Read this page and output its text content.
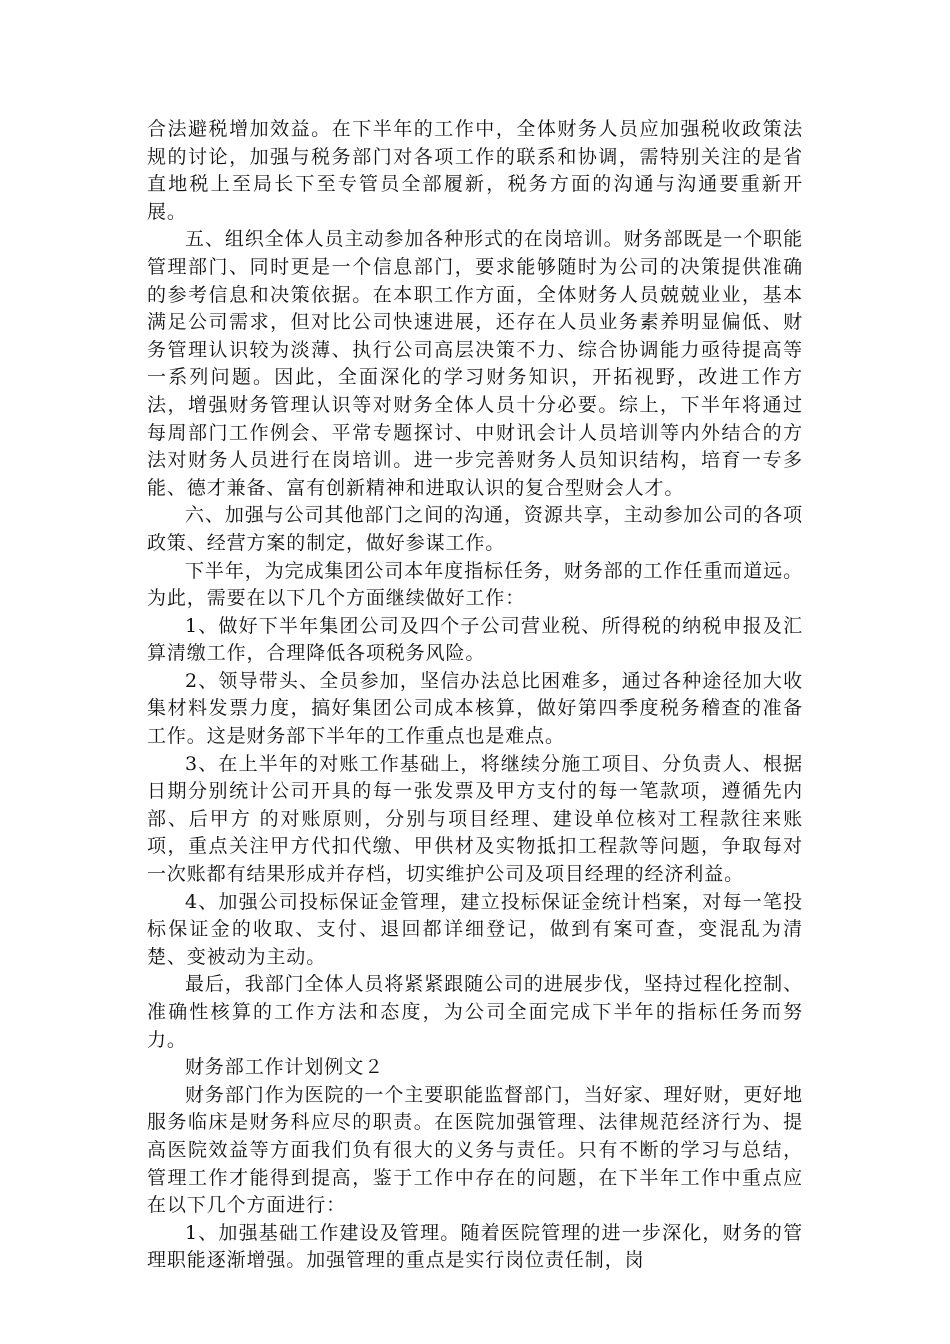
合法避税增加效益。在下半年的工作中，全体财务人员应加强税收政策法规的讨论，加强与税务部门对各项工作的联系和协调，需特别关注的是省直地税上至局长下至专管员全部履新，税务方面的沟通与沟通要重新开展。

五、组织全体人员主动参加各种形式的在岗培训。财务部既是一个职能管理部门、同时更是一个信息部门，要求能够随时为公司的决策提供准确的参考信息和决策依据。在本职工作方面，全体财务人员兢兢业业，基本满足公司需求，但对比公司快速进展，还存在人员业务素养明显偏低、财务管理认识较为淡薄、执行公司高层决策不力、综合协调能力亟待提高等一系列问题。因此，全面深化的学习财务知识，开拓视野，改进工作方法，增强财务管理认识等对财务全体人员十分必要。综上，下半年将通过每周部门工作例会、平常专题探讨、中财讯会计人员培训等内外结合的方法对财务人员进行在岗培训。进一步完善财务人员知识结构，培育一专多能、德才兼备、富有创新精神和进取认识的复合型财会人才。

六、加强与公司其他部门之间的沟通，资源共享，主动参加公司的各项政策、经营方案的制定，做好参谋工作。

下半年，为完成集团公司本年度指标任务，财务部的工作任重而道远。为此，需要在以下几个方面继续做好工作：

1、做好下半年集团公司及四个子公司营业税、所得税的纳税申报及汇算清缴工作，合理降低各项税务风险。

2、领导带头、全员参加，坚信办法总比困难多，通过各种途径加大收集材料发票力度，搞好集团公司成本核算，做好第四季度税务稽查的准备工作。这是财务部下半年的工作重点也是难点。

3、在上半年的对账工作基础上，将继续分施工项目、分负责人、根据日期分别统计公司开具的每一张发票及甲方支付的每一笔款项，遵循先内部、后甲方 的对账原则，分别与项目经理、建设单位核对工程款往来账项，重点关注甲方代扣代缴、甲供材及实物抵扣工程款等问题，争取每对一次账都有结果形成并存档，切实维护公司及项目经理的经济利益。

4、加强公司投标保证金管理，建立投标保证金统计档案，对每一笔投标保证金的收取、支付、退回都详细登记，做到有案可查，变混乱为清楚、变被动为主动。

最后，我部门全体人员将紧紧跟随公司的进展步伐，坚持过程化控制、准确性核算的工作方法和态度，为公司全面完成下半年的指标任务而努力。

财务部工作计划例文２

财务部门作为医院的一个主要职能监督部门，当好家、理好财，更好地服务临床是财务科应尽的职责。在医院加强管理、法律规范经济行为、提高医院效益等方面我们负有很大的义务与责任。只有不断的学习与总结，管理工作才能得到提高，鉴于工作中存在的问题，在下半年工作中重点应在以下几个方面进行：

1、加强基础工作建设及管理。随着医院管理的进一步深化，财务的管理职能逐渐增强。加强管理的重点是实行岗位责任制，岗
